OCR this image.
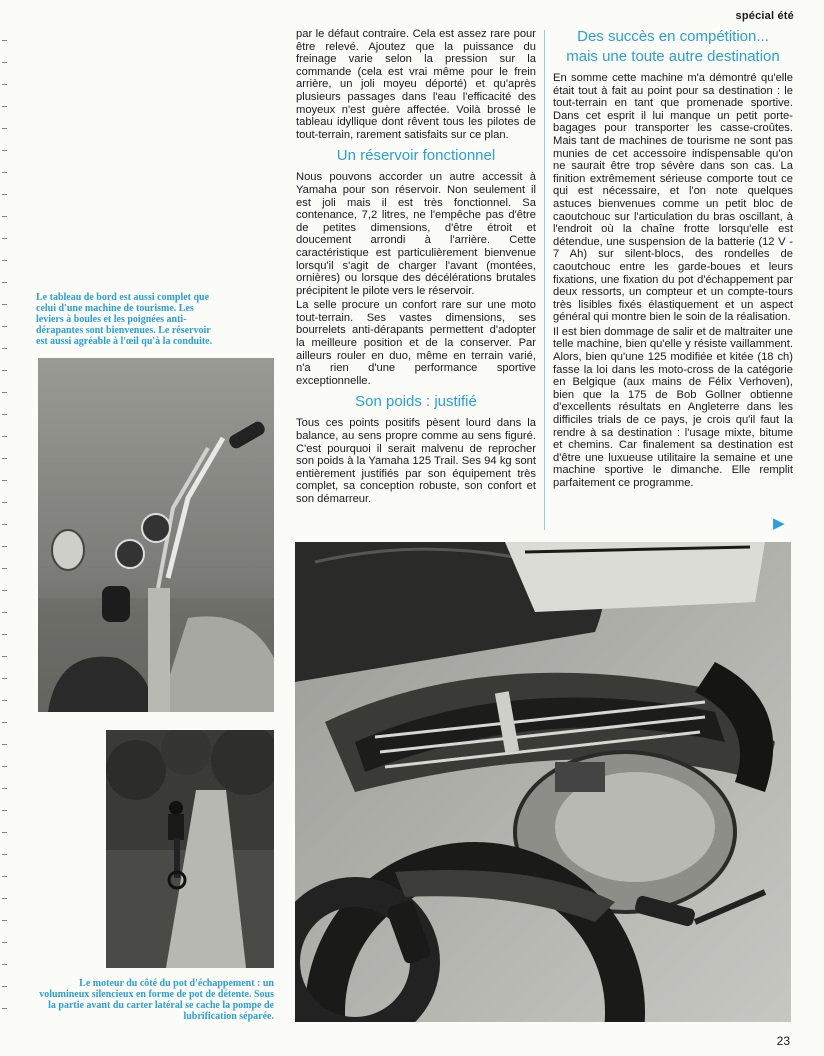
spécial été
Le tableau de bord est aussi complet que celui d'une machine de tourisme. Les leviers à boules et les poignées anti-dérapantes sont bienvenues. Le réservoir est aussi agréable à l'œil qu'à la conduite.
Le moteur du côté du pot d'échappement : un volumineux silencieux en forme de pot de détente. Sous la partie avant du carter latéral se cache la pompe de lubrification séparée.

par le défaut contraire. Cela est assez rare pour être relevé. Ajoutez que la puissance du freinage varie selon la pression sur la commande (cela est vrai même pour le frein arrière, un joli moyeu déporté) et qu'après plusieurs passages dans l'eau l'efficacité des moyeux n'est guère affectée. Voilà brossé le tableau idyllique dont rêvent tous les pilotes de tout-terrain, rarement satisfaits sur ce plan.

Un réservoir fonctionnel

Nous pouvons accorder un autre accessit à Yamaha pour son réservoir. Non seulement il est joli mais il est très fonctionnel. Sa contenance, 7,2 litres, ne l'empêche pas d'être de petites dimensions, d'être étroit et doucement arrondi à l'arrière. Cette caractéristique est particulièrement bienvenue lorsqu'il s'agit de charger l'avant (montées, ornières) ou lorsque des décélérations brutales précipitent le pilote vers le réservoir.

La selle procure un confort rare sur une moto tout-terrain. Ses vastes dimensions, ses bourrelets anti-dérapants permettent d'adopter la meilleure position et de la conserver. Par ailleurs rouler en duo, même en terrain varié, n'a rien d'une performance sportive exceptionnelle.

Son poids : justifié

Tous ces points positifs pèsent lourd dans la balance, au sens propre comme au sens figuré. C'est pourquoi il serait malvenu de reprocher son poids à la Yamaha 125 Trail. Ses 94 kg sont entièrement justifiés par son équipement très complet, sa conception robuste, son confort et son démarreur.

Des succès en compétition...
mais une toute autre destination

En somme cette machine m'a démontré qu'elle était tout à fait au point pour sa destination : le tout-terrain en tant que promenade sportive. Dans cet esprit il lui manque un petit porte-bagages pour transporter les casse-croûtes. Mais tant de machines de tourisme ne sont pas munies de cet accessoire indispensable qu'on ne saurait être trop sévère dans son cas. La finition extrêmement sérieuse comporte tout ce qui est nécessaire, et l'on note quelques astuces bienvenues comme un petit bloc de caoutchouc sur l'articulation du bras oscillant, à l'endroit où la chaîne frotte lorsqu'elle est détendue, une suspension de la batterie (12 V - 7 Ah) sur silent-blocs, des rondelles de caoutchouc entre les garde-boues et leurs fixations, une fixation du pot d'échappement par deux ressorts, un compteur et un compte-tours très lisibles fixés élastiquement et un aspect général qui montre bien le soin de la réalisation.

Il est bien dommage de salir et de maltraiter une telle machine, bien qu'elle y résiste vaillamment. Alors, bien qu'une 125 modifiée et kitée (18 ch) fasse la loi dans les moto-cross de la catégorie en Belgique (aux mains de Félix Verhoven), bien que la 175 de Bob Gollner obtienne d'excellents résultats en Angleterre dans les difficiles trials de ce pays, je crois qu'il faut la rendre à sa destination : l'usage mixte, bitume et chemins. Car finalement sa destination est d'être une luxueuse utilitaire la semaine et une machine sportive le dimanche. Elle remplit parfaitement ce programme.

▶
23
